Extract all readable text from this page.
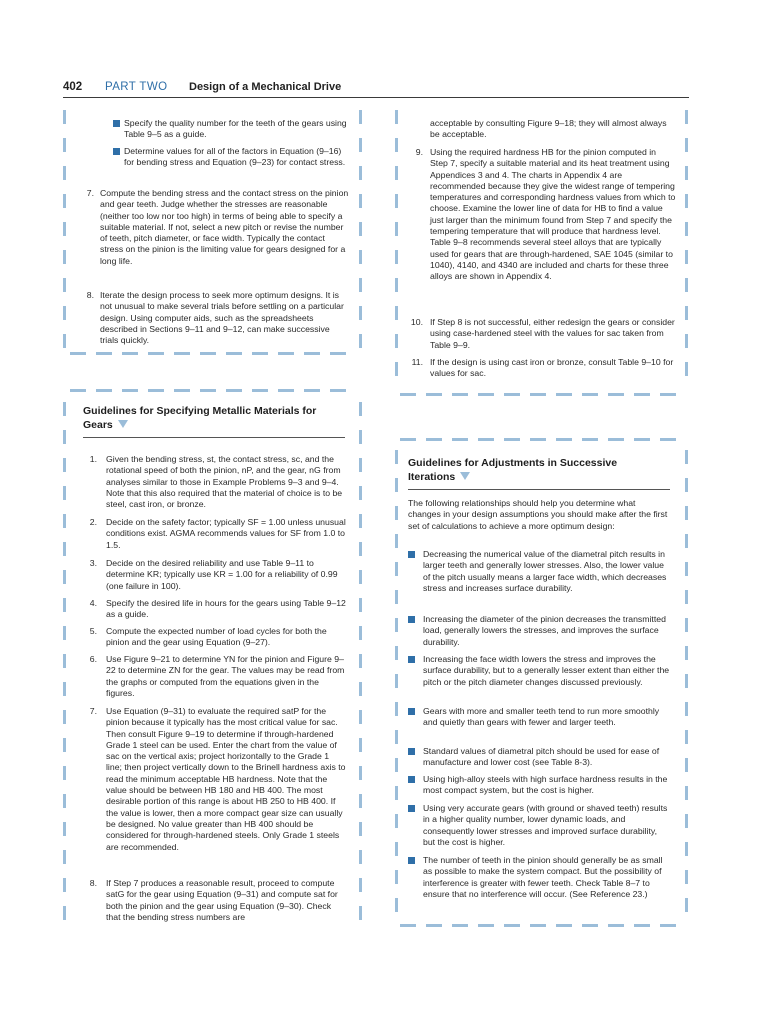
402 PART TWO Design of a Mechanical Drive
Specify the quality number for the teeth of the gears using Table 9–5 as a guide.
Determine values for all of the factors in Equation (9–16) for bending stress and Equation (9–23) for contact stress.
7. Compute the bending stress and the contact stress on the pinion and gear teeth. Judge whether the stresses are reasonable (neither too low nor too high) in terms of being able to specify a suitable material. If not, select a new pitch or revise the number of teeth, pitch diameter, or face width. Typically the contact stress on the pinion is the limiting value for gears designed for a long life.
8. Iterate the design process to seek more optimum designs. It is not unusual to make several trials before settling on a particular design. Using computer aids, such as the spreadsheets described in Sections 9–11 and 9–12, can make successive trials quickly.
acceptable by consulting Figure 9–18; they will almost always be acceptable.
9. Using the required hardness HB for the pinion computed in Step 7, specify a suitable material and its heat treatment using Appendices 3 and 4. The charts in Appendix 4 are recommended because they give the widest range of tempering temperatures and corresponding hardness values from which to choose. Examine the lower line of data for HB to find a value just larger than the minimum found from Step 7 and specify the tempering temperature that will produce that hardness level. Table 9–8 recommends several steel alloys that are typically used for gears that are through-hardened, SAE 1045 (similar to 1040), 4140, and 4340 are included and charts for these three alloys are shown in Appendix 4.
10. If Step 8 is not successful, either redesign the gears or consider using case-hardened steel with the values for sac taken from Table 9–9.
11. If the design is using cast iron or bronze, consult Table 9–10 for values for sac.
Guidelines for Specifying Metallic Materials for Gears
1. Given the bending stress, st, the contact stress, sc, and the rotational speed of both the pinion, nP, and the gear, nG from analyses similar to those in Example Problems 9–3 and 9–4. Note that this also required that the material of choice is to be steel, cast iron, or bronze.
2. Decide on the safety factor; typically SF = 1.00 unless unusual conditions exist. AGMA recommends values for SF from 1.0 to 1.5.
3. Decide on the desired reliability and use Table 9–11 to determine KR; typically use KR = 1.00 for a reliability of 0.99 (one failure in 100).
4. Specify the desired life in hours for the gears using Table 9–12 as a guide.
5. Compute the expected number of load cycles for both the pinion and the gear using Equation (9–27).
6. Use Figure 9–21 to determine YN for the pinion and Figure 9–22 to determine ZN for the gear. The values may be read from the graphs or computed from the equations given in the figures.
7. Use Equation (9–31) to evaluate the required satP for the pinion because it typically has the most critical value for sac. Then consult Figure 9–19 to determine if through-hardened Grade 1 steel can be used. Enter the chart from the value of sac on the vertical axis; project horizontally to the Grade 1 line; then project vertically down to the Brinell hardness axis to read the minimum acceptable HB hardness. Note that the value should be between HB 180 and HB 400. The most desirable portion of this range is about HB 250 to HB 400. If the value is lower, then a more compact gear size can usually be designed. No value greater than HB 400 should be considered for through-hardened steels. Only Grade 1 steels are recommended.
8. If Step 7 produces a reasonable result, proceed to compute satG for the gear using Equation (9–31) and compute sat for both the pinion and the gear using Equation (9–30). Check that the bending stress numbers are
Guidelines for Adjustments in Successive Iterations
The following relationships should help you determine what changes in your design assumptions you should make after the first set of calculations to achieve a more optimum design:
Decreasing the numerical value of the diametral pitch results in larger teeth and generally lower stresses. Also, the lower value of the pitch usually means a larger face width, which decreases stress and increases surface durability.
Increasing the diameter of the pinion decreases the transmitted load, generally lowers the stresses, and improves the surface durability.
Increasing the face width lowers the stress and improves the surface durability, but to a generally lesser extent than either the pitch or the pitch diameter changes discussed previously.
Gears with more and smaller teeth tend to run more smoothly and quietly than gears with fewer and larger teeth.
Standard values of diametral pitch should be used for ease of manufacture and lower cost (see Table 8-3).
Using high-alloy steels with high surface hardness results in the most compact system, but the cost is higher.
Using very accurate gears (with ground or shaved teeth) results in a higher quality number, lower dynamic loads, and consequently lower stresses and improved surface durability, but the cost is higher.
The number of teeth in the pinion should generally be as small as possible to make the system compact. But the possibility of interference is greater with fewer teeth. Check Table 8–7 to ensure that no interference will occur. (See Reference 23.)
